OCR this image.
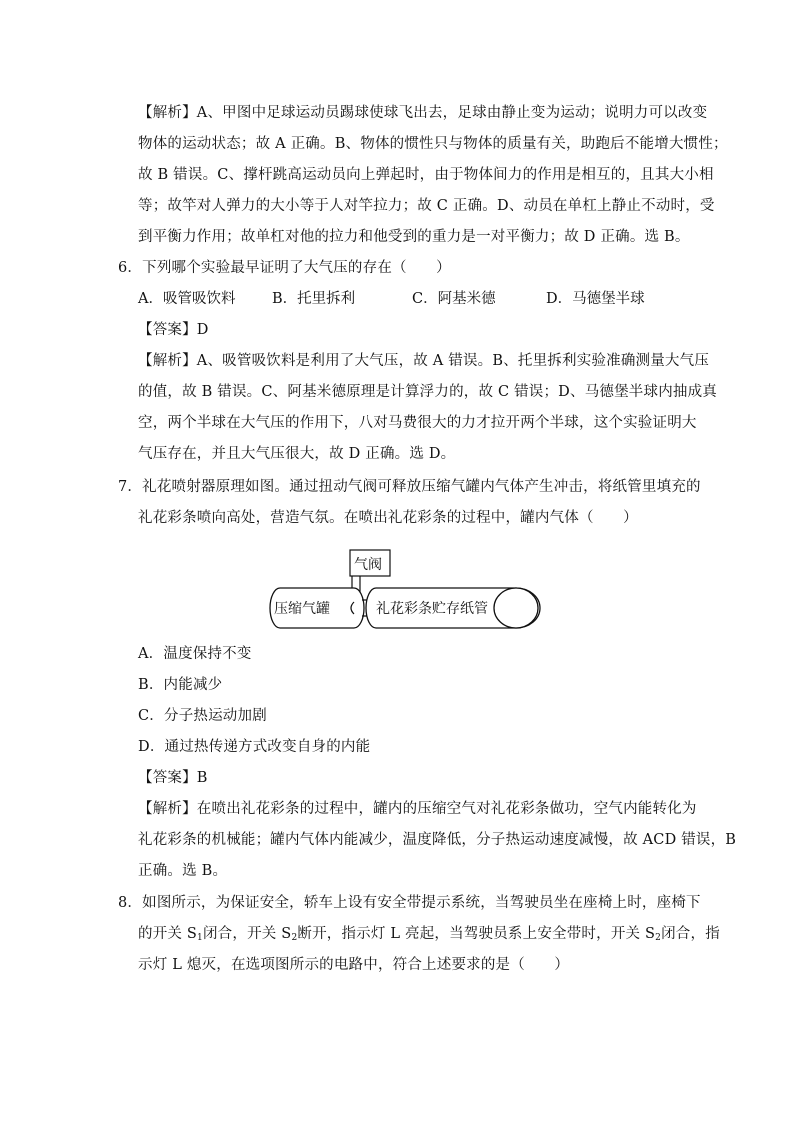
【解析】A、甲图中足球运动员踢球使球飞出去，足球由静止变为运动；说明力可以改变
物体的运动状态；故 A 正确。B、物体的惯性只与物体的质量有关，助跑后不能增大惯性；
故 B 错误。C、撑杆跳高运动员向上弹起时，由于物体间力的作用是相互的，且其大小相
等；故竿对人弹力的大小等于人对竿拉力；故 C 正确。D、动员在单杠上静止不动时，受
到平衡力作用；故单杠对他的拉力和他受到的重力是一对平衡力；故 D 正确。选 B。
6．下列哪个实验最早证明了大气压的存在（　　）
A．吸管吸饮料	B．托里拆利	C．阿基米德	D．马德堡半球
【答案】D
【解析】A、吸管吸饮料是利用了大气压，故 A 错误。B、托里拆利实验准确测量大气压
的值，故 B 错误。C、阿基米德原理是计算浮力的，故 C 错误；D、马德堡半球内抽成真
空，两个半球在大气压的作用下，八对马费很大的力才拉开两个半球，这个实验证明大
气压存在，并且大气压很大，故 D 正确。选 D。
7．礼花喷射器原理如图。通过扭动气阀可释放压缩气罐内气体产生冲击，将纸管里填充的
礼花彩条喷向高处，营造气氛。在喷出礼花彩条的过程中，罐内气体（　　）
气阀
压缩气罐	礼花彩条贮存纸管
A．温度保持不变
B．内能减少
C．分子热运动加剧
D．通过热传递方式改变自身的内能
【答案】B
【解析】在喷出礼花彩条的过程中，罐内的压缩空气对礼花彩条做功，空气内能转化为
礼花彩条的机械能；罐内气体内能减少，温度降低，分子热运动速度减慢，故 ACD 错误，B
正确。选 B。
8．如图所示，为保证安全，轿车上设有安全带提示系统，当驾驶员坐在座椅上时，座椅下
的开关 $S_1$闭合，开关 $S_2$断开，指示灯 L 亮起，当驾驶员系上安全带时，开关 $S_2$闭合，指
示灯 L 熄灭，在选项图所示的电路中，符合上述要求的是（　　）
